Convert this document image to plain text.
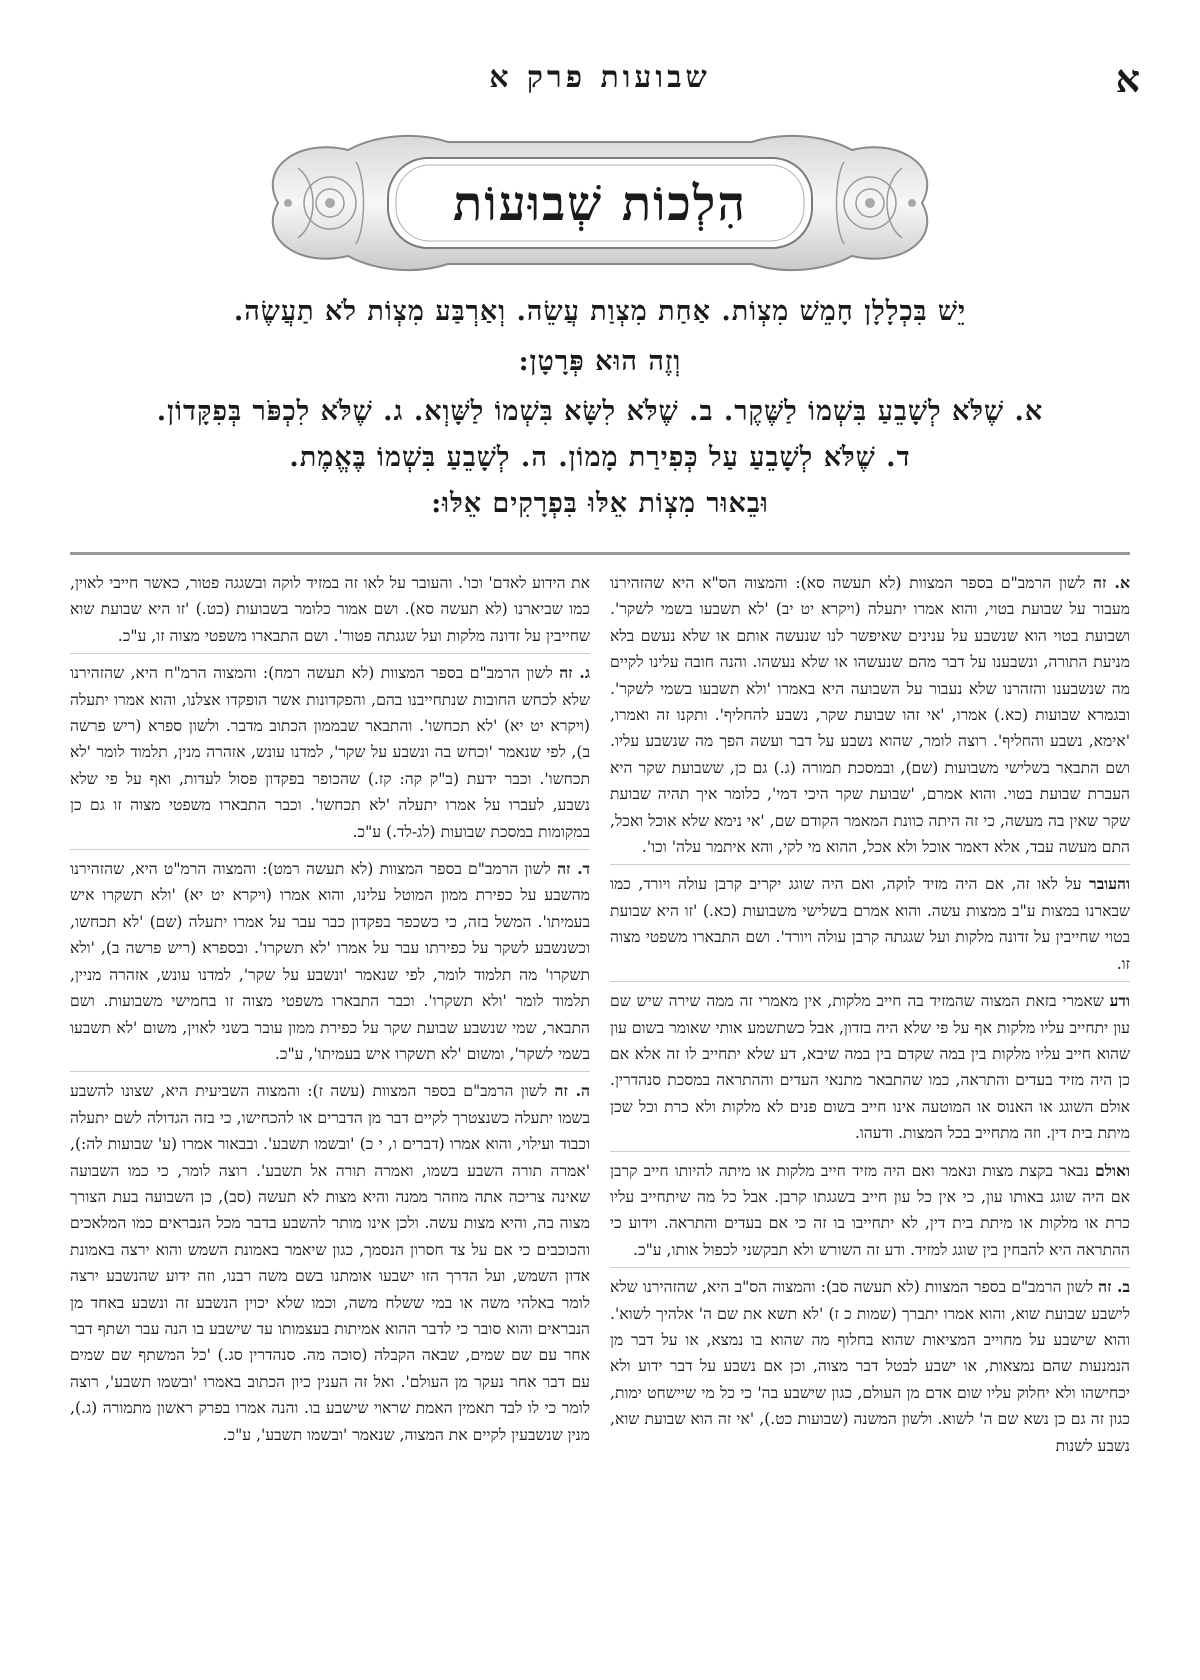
א
שבועות פרק א
הִלְכוֹת שְׁבוּעוֹת

יֵשׁ בִּכְלָלָן חָמֵשׁ מִצְוֹת. אַחַת מִצְוַת עֲשֵׂה. וְאַרְבַּע מִצְוֹת לֹא תַעֲשֶׂה.

וְזֶה הוּא פְּרָטָן:

א. שֶׁלֹּא לְשָׁבֵעַ בִּשְׁמוֹ לַשֶּׁקֶר. ב. שֶׁלֹּא לִשָּׂא בִּשְׁמוֹ לַשָּׁוְא. ג. שֶׁלֹּא לִכְפֹּר בְּפִקָּדוֹן.

ד. שֶׁלֹּא לְשָׁבֵעַ עַל כְּפִירַת מָמוֹן. ה. לְשָׁבֵעַ בִּשְׁמוֹ בֶּאֱמֶת.

וּבֵאוּר מִצְוֹת אֵלּוּ בִּפְרָקִים אֵלּוּ:

א. זה לשון הרמב"ם בספר המצוות (לא תעשה סא): והמצוה הס"א היא שהזהירנו מעבור על שבועת בטוי, והוא אמרו יתעלה (ויקרא יט יב) 'לא תשבעו בשמי לשקר'. ושבועת בטוי הוא שנשבע על ענינים שאיפשר לנו שנעשה אותם או שלא נעשם בלא מניעת התורה, ונשבענו על דבר מהם שנעשהו או שלא נעשהו. והנה חובה עלינו לקיים מה שנשבענו והזהרנו שלא נעבור על השבועה היא באמרו 'ולא תשבעו בשמי לשקר'. ובגמרא שבועות (כא.) אמרו, 'אי זהו שבועת שקר, נשבע להחליף'. ותקנו זה ואמרו, 'אימא, נשבע והחליף'. רוצה לומר, שהוא נשבע על דבר ועשה הפך מה שנשבע עליו. ושם התבאר בשלישי משבועות (שם), ובמסכת תמורה (ג.) גם כן, ששבועת שקר היא העברת שבועת בטוי. והוא אמרם, 'שבועת שקר היכי דמי', כלומר איך תהיה שבועת שקר שאין בה מעשה, כי זה היתה כוונת המאמר הקודם שם, 'אי נימא שלא אוכל ואכל, התם מעשה עבד, אלא דאמר אוכל ולא אכל, ההוא מי לקי, והא איתמר עלה' וכו'.

והעובר על לאו זה, אם היה מזיד לוקה, ואם היה שוגג יקריב קרבן עולה ויורד, כמו שבארנו במצות ע"ב ממצות עשה. והוא אמרם בשלישי משבועות (כא.) 'זו היא שבועת בטוי שחייבין על זדונה מלקות ועל שגגתה קרבן עולה ויורד'. ושם התבארו משפטי מצוה זו.

ודע שאמרי בזאת המצוה שהמזיד בה חייב מלקות, אין מאמרי זה ממה שירה שיש שם עון יתחייב עליו מלקות אף על פי שלא היה בזדון, אבל כשתשמע אותי שאומר בשום עון שהוא חייב עליו מלקות בין במה שקדם בין במה שיבא, דע שלא יתחייב לו זה אלא אם כן היה מזיד בעדים והתראה, כמו שהתבאר מתנאי העדים וההתראה במסכת סנהדרין. אולם השוגג או האנוס או המוטעה אינו חייב בשום פנים לא מלקות ולא כרת וכל שכן מיתת בית דין. וזה מתחייב בכל המצות. ודעהו.

ואולם נבאר בקצת מצות ונאמר ואם היה מזיד חייב מלקות או מיתה להיותו חייב קרבן אם היה שוגג באותו עון, כי אין כל עון חייב בשגגתו קרבן. אבל כל מה שיתחייב עליו כרת או מלקות או מיתת בית דין, לא יתחייבו בו זה כי אם בעדים והתראה. וידוע כי ההתראה היא להבחין בין שוגג למזיד. ודע זה השורש ולא תבקשני לכפול אותו, ע"כ.

ב. זה לשון הרמב"ם בספר המצוות (לא תעשה סב): והמצוה הס"ב היא, שהזהירנו שלא לישבע שבועת שוא, והוא אמרו יתברך (שמות כ ז) 'לא תשא את שם ה' אלהיך לשוא'. והוא שישבע על מחוייב המציאות שהוא בחלוף מה שהוא בו נמצא, או על דבר מן הנמנעות שהם נמצאות, או ישבע לבטל דבר מצוה, וכן אם נשבע על דבר ידוע ולא יכחישהו ולא יחלוק עליו שום אדם מן העולם, כגון שישבע בה' כי כל מי שיישחט ימות, כגון זה גם כן נשא שם ה' לשוא. ולשון המשנה (שבועות כט.), 'אי זה הוא שבועת שוא, נשבע לשנות

את הידוע לאדם' וכו'. והעובר על לאו זה במזיד לוקה ובשגגה פטור, כאשר חייבי לאוין, כמו שביארנו (לא תעשה סא). ושם אמור כלומר בשבועות (כט.) 'זו היא שבועת שוא שחייבין על זדונה מלקות ועל שגגתה פטור'. ושם התבארו משפטי מצוה זו, ע"כ.

ג. זה לשון הרמב"ם בספר המצוות (לא תעשה רמח): והמצוה הרמ"ח היא, שהזהירנו שלא לכחש החובות שנתחייבנו בהם, והפקדונות אשר הופקדו אצלנו, והוא אמרו יתעלה (ויקרא יט יא) 'לא תכחשו'. והתבאר שבממון הכתוב מדבר. ולשון ספרא (ריש פרשה ב), לפי שנאמר 'וכחש בה ונשבע על שקר', למדנו עונש, אזהרה מנין, תלמוד לומר 'לא תכחשו'. וכבר ידעת (ב"ק קה: קז.) שהכופר בפקדון פסול לעדות, ואף על פי שלא נשבע, לעברו על אמרו יתעלה 'לא תכחשו'. וכבר התבארו משפטי מצוה זו גם כן במקומות במסכת שבועות (לג-לד.) ע"כ.

ד. זה לשון הרמב"ם בספר המצוות (לא תעשה רמט): והמצוה הרמ"ט היא, שהזהירנו מהשבע על כפירת ממון המוטל עלינו, והוא אמרו (ויקרא יט יא) 'ולא תשקרו איש בעמיתו'. המשל בזה, כי כשכפר בפקדון כבר עבר על אמרו יתעלה (שם) 'לא תכחשו, וכשנשבע לשקר על כפירתו עבר על אמרו 'לא תשקרו'. ובספרא (ריש פרשה ב), 'ולא תשקרו' מה תלמוד לומר, לפי שנאמר 'ונשבע על שקר', למדנו עונש, אזהרה מניין, תלמוד לומר 'ולא תשקרו'. וכבר התבארו משפטי מצוה זו בחמישי משבועות. ושם התבאר, שמי שנשבע שבועת שקר על כפירת ממון עובר בשני לאוין, משום 'לא תשבעו בשמי לשקר', ומשום 'לא תשקרו איש בעמיתו', ע"כ.

ה. זה לשון הרמב"ם בספר המצוות (עשה ז): והמצוה השביעית היא, שצונו להשבע בשמו יתעלה כשנצטרך לקיים דבר מן הדברים או להכחישו, כי בזה הגדולה לשם יתעלה וכבוד ועילוי, והוא אמרו (דברים ו, י כ) 'ובשמו תשבע'. ובבאור אמרו (ע' שבועות לה:), 'אמרה תורה השבע בשמו, ואמרה תורה אל תשבע'. רוצה לומר, כי כמו השבועה שאינה צריכה אתה מוזהר ממנה והיא מצות לא תעשה (סב), כן השבועה בעת הצורך מצוה בה, והיא מצות עשה. ולכן אינו מותר להשבע בדבר מכל הנבראים כמו המלאכים והכוכבים כי אם על צד חסרון הנסמך, כגון שיאמר באמונת השמש והוא ירצה באמונת אדון השמש, ועל הדרך הזו ישבעו אומתנו בשם משה רבנו, וזה ידוע שהנשבע ירצה לומר באלהי משה או במי ששלח משה, וכמו שלא יכוין הנשבע זה ונשבע באחד מן הנבראים והוא סובר כי לדבר ההוא אמיתות בעצמותו עד שישבע בו הנה עבר ושתף דבר אחר עם שם שמים, שבאה הקבלה (סוכה מה. סנהדרין סג.) 'כל המשתף שם שמים עם דבר אחר נעקר מן העולם'. ואל זה הענין כיון הכתוב באמרו 'ובשמו תשבע', רוצה לומר כי לו לבד תאמין האמת שראוי שישבע בו. והנה אמרו בפרק ראשון מתמורה (ג.), מנין שנשבעין לקיים את המצוה, שנאמר 'ובשמו תשבע', ע"כ.
